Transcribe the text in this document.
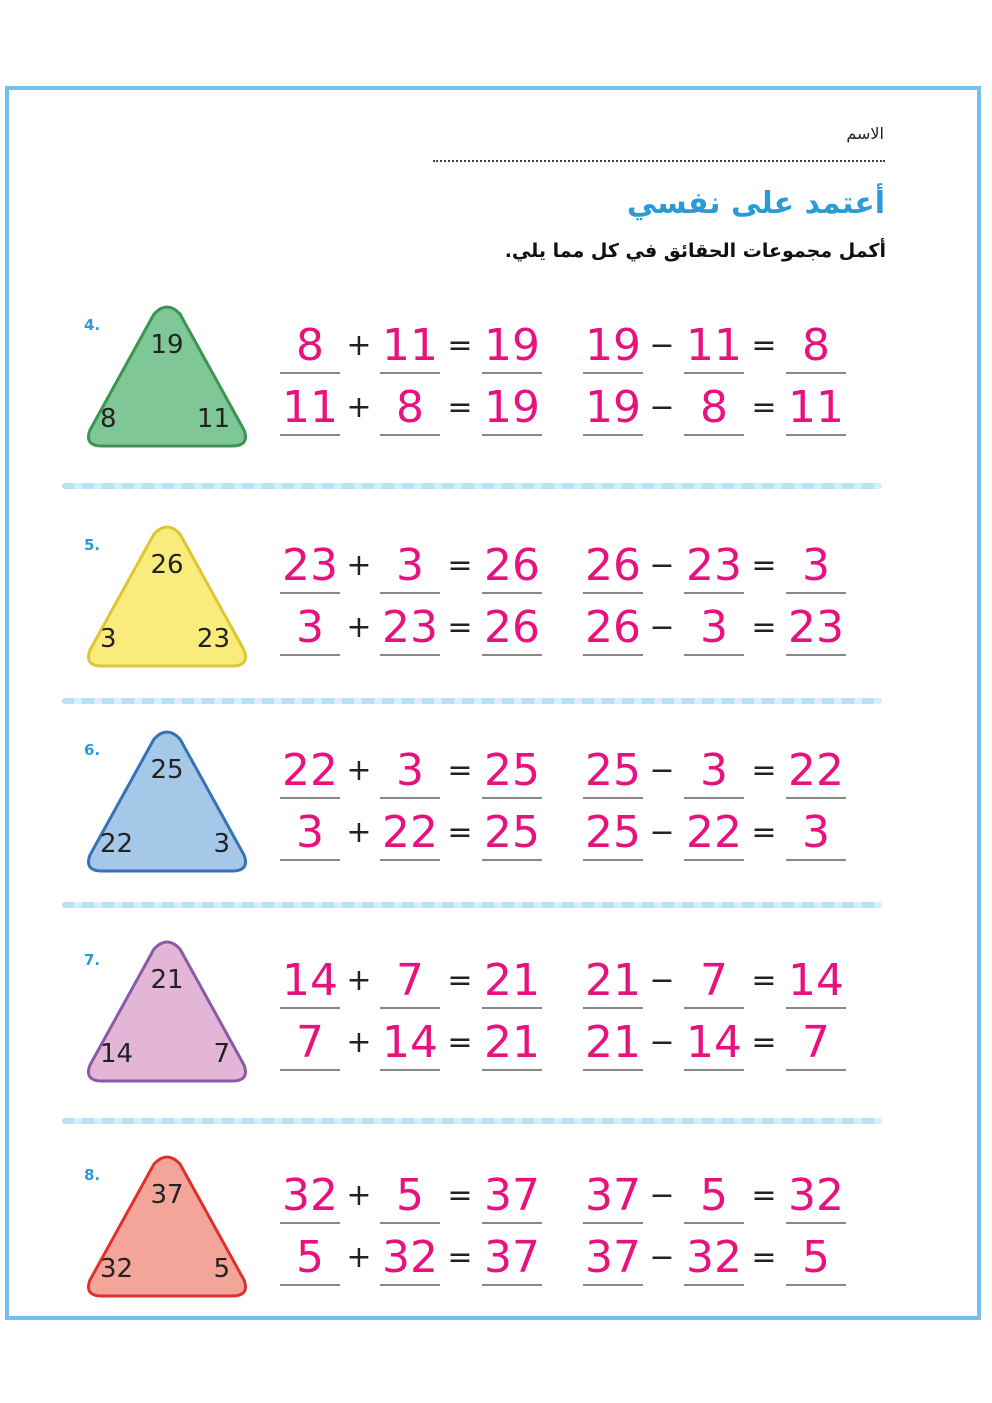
الاسم
أعتمد على نفسي
أكمل مجموعات الحقائق في كل مما يلي.
4.
19
8	11
8 + 11 = 19 19 − 11 = 8
11 + 8 = 19 19 − 8 = 11
5.
26
3	23
23 + 3 = 26 26 − 23 = 3
3 + 23 = 26 26 − 3 = 23
6.
25
22	3
22 + 3 = 25 25 − 3 = 22
3 + 22 = 25 25 − 22 = 3
7.
21
14	7
14 + 7 = 21 21 − 7 = 14
7 + 14 = 21 21 − 14 = 7
8.
37
32	5
32 + 5 = 37 37 − 5 = 32
5 + 32 = 37 37 − 32 = 5
